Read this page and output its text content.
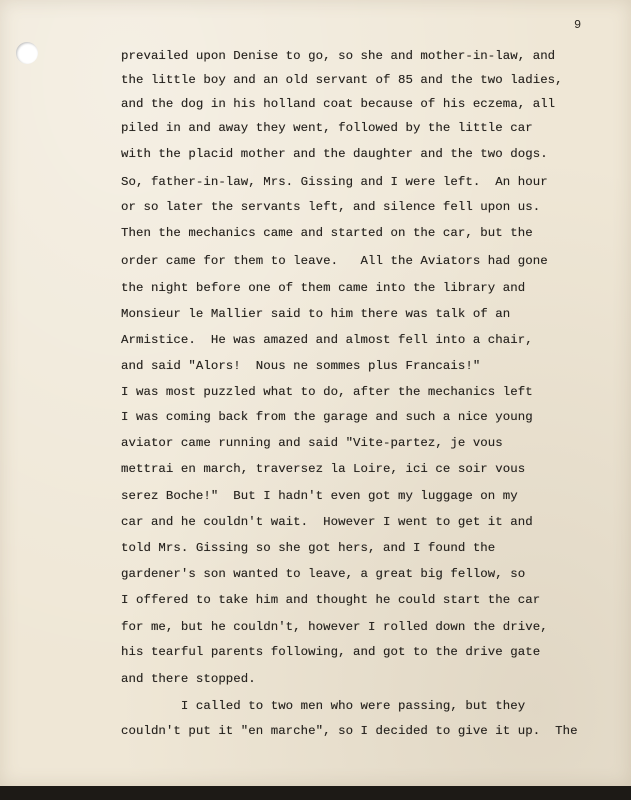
9
prevailed upon Denise to go, so she and mother-in-law, and
the little boy and an old servant of 85 and the two ladies,
and the dog in his holland coat because of his eczema, all
piled in and away they went, followed by the little car
with the placid mother and the daughter and the two dogs.
So, father-in-law, Mrs. Gissing and I were left.  An hour
or so later the servants left, and silence fell upon us.
Then the mechanics came and started on the car, but the
order came for them to leave.   All the Aviators had gone
the night before one of them came into the library and
Monsieur le Mallier said to him there was talk of an
Armistice.  He was amazed and almost fell into a chair,
and said "Alors!  Nous ne sommes plus Francais!"
I was most puzzled what to do, after the mechanics left
I was coming back from the garage and such a nice young
aviator came running and said "Vite-partez, je vous
mettrai en march, traversez la Loire, ici ce soir vous
serez Boche!"  But I hadn't even got my luggage on my
car and he couldn't wait.  However I went to get it and
told Mrs. Gissing so she got hers, and I found the
gardener's son wanted to leave, a great big fellow, so
I offered to take him and thought he could start the car
for me, but he couldn't, however I rolled down the drive,
his tearful parents following, and got to the drive gate
and there stopped.
I called to two men who were passing, but they
couldn't put it "en marche", so I decided to give it up.  The
